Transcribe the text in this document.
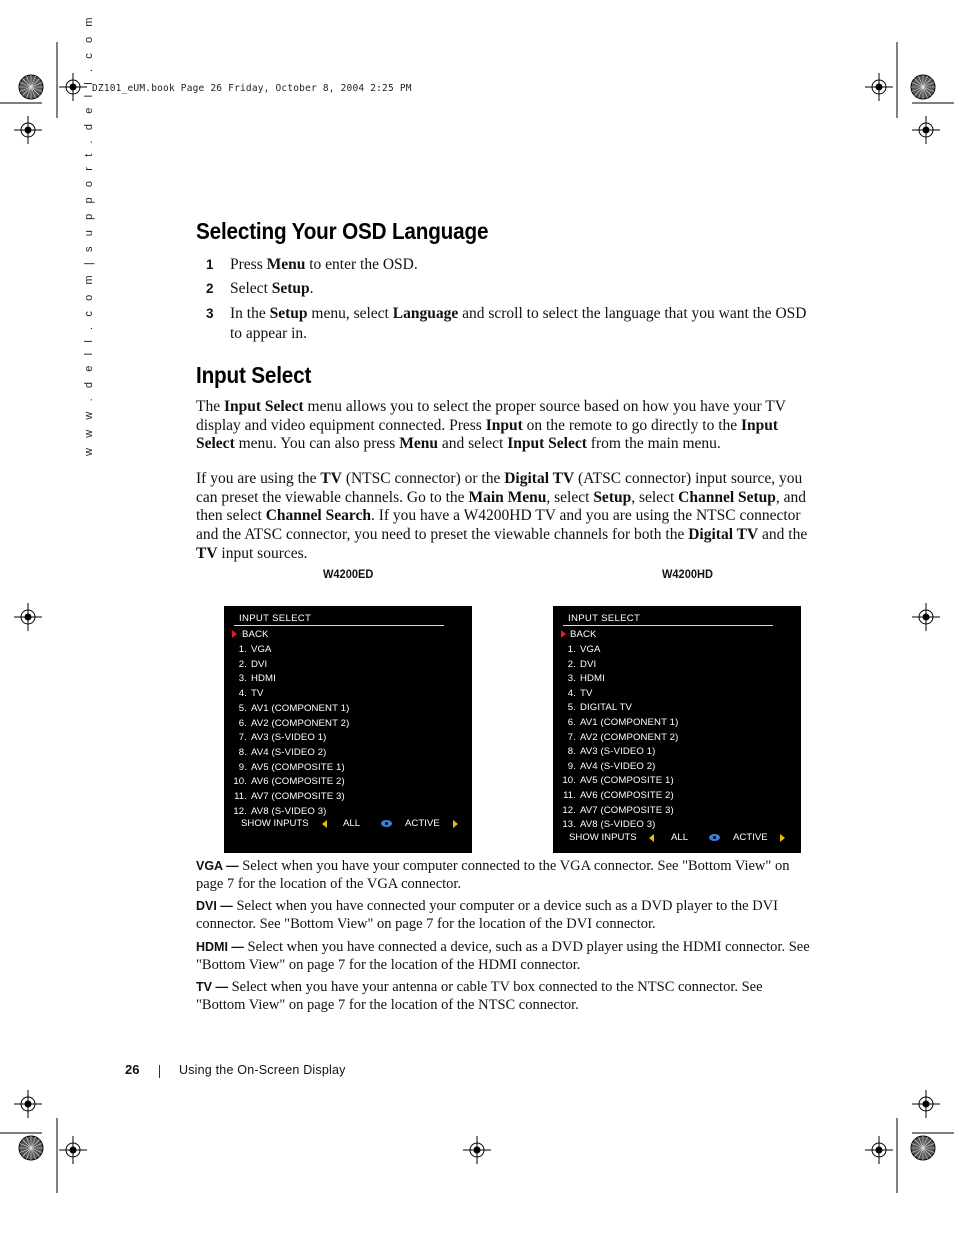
DZ101_eUM.book Page 26 Friday, October 8, 2004 2:25 PM
w w w . d e l l . c o m | s u p p o r t . d e l l . c o m	Selecting Your OSD Language
1 Press Menu to enter the OSD.
2 Select Setup.
3 In the Setup menu, select Language and scroll to select the language that you want the OSD to appear in.
Input Select
The Input Select menu allows you to select the proper source based on how you have your TV display and video equipment connected. Press Input on the remote to go directly to the Input Select menu. You can also press Menu and select Input Select from the main menu.
If you are using the TV (NTSC connector) or the Digital TV (ATSC connector) input source, you can preset the viewable channels. Go to the Main Menu, select Setup, select Channel Setup, and then select Channel Search. If you have a W4200HD TV and you are using the NTSC connector and the ATSC connector, you need to preset the viewable channels for both the Digital TV and the TV input sources.
W4200ED	W4200HD
INPUT SELECT
BACK
1. VGA
2. DVI
3. HDMI
4. TV
5. AV1 (COMPONENT 1)
6. AV2 (COMPONENT 2)
7. AV3 (S-VIDEO 1)
8. AV4 (S-VIDEO 2)
9. AV5 (COMPOSITE 1)
10. AV6 (COMPOSITE 2)
11. AV7 (COMPOSITE 3)
12. AV8 (S-VIDEO 3)
SHOW INPUTS	ALL	ACTIVE
INPUT SELECT
BACK
1. VGA
2. DVI
3. HDMI
4. TV
5. DIGITAL TV
6. AV1 (COMPONENT 1)
7. AV2 (COMPONENT 2)
8. AV3 (S-VIDEO 1)
9. AV4 (S-VIDEO 2)
10. AV5 (COMPOSITE 1)
11. AV6 (COMPOSITE 2)
12. AV7 (COMPOSITE 3)
13. AV8 (S-VIDEO 3)
SHOW INPUTS	ALL	ACTIVE
VGA — Select when you have your computer connected to the VGA connector. See "Bottom View" on page 7 for the location of the VGA connector.
DVI — Select when you have connected your computer or a device such as a DVD player to the DVI connector. See "Bottom View" on page 7 for the location of the DVI connector.
HDMI — Select when you have connected a device, such as a DVD player using the HDMI connector. See "Bottom View" on page 7 for the location of the HDMI connector.
TV — Select when you have your antenna or cable TV box connected to the NTSC connector. See "Bottom View" on page 7 for the location of the NTSC connector.
26	Using the On-Screen Display
